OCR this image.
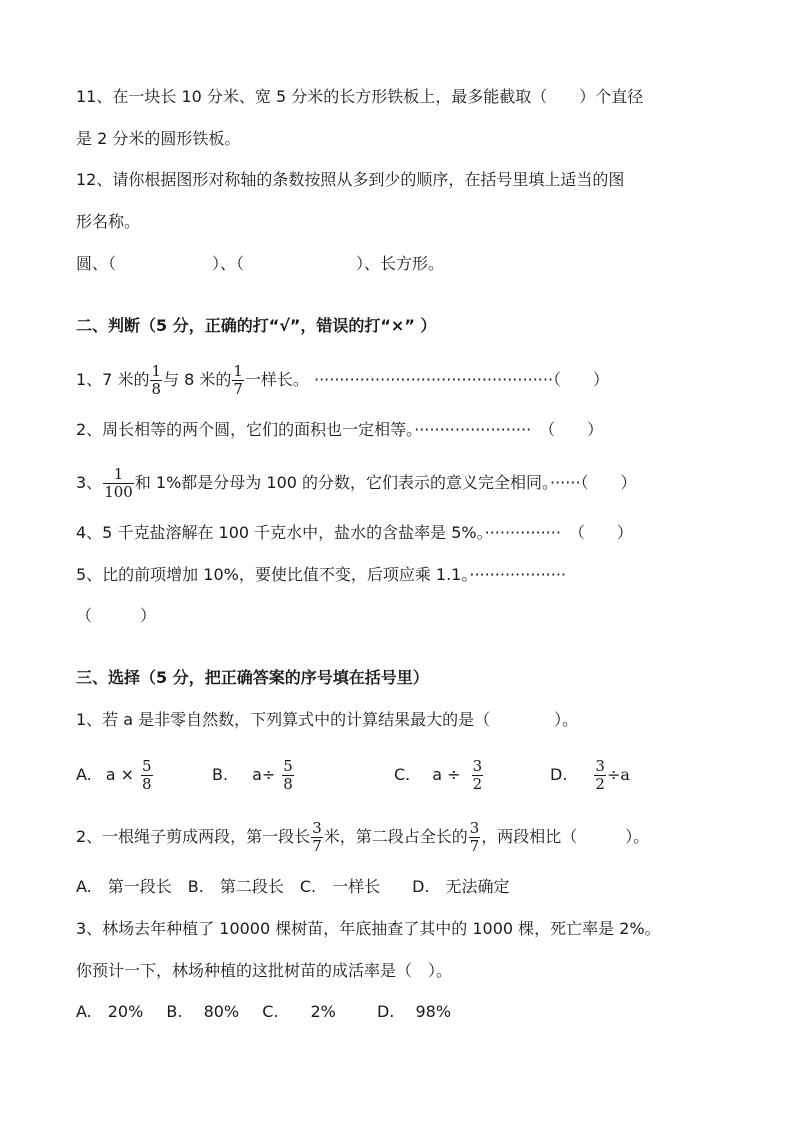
11、在一块长 10 分米、宽 5 分米的长方形铁板上，最多能截取（　　）个直径
是 2 分米的圆形铁板。
12、请你根据图形对称轴的条数按照从多到少的顺序，在括号里填上适当的图
形名称。
圆、（　　　　　　）、（　　　　　　　）、长方形。
二、判断（5 分，正确的打“√”，错误的打“×” ）
1、7 米的 $\frac{1}{8}$ 与 8 米的 $\frac{1}{7}$ 一样长。 ···············································（　　）
2、周长相等的两个圆，它们的面积也一定相等。·······················　（　　）
3、 $\frac{1}{100}$ 和 1%都是分母为 100 的分数，它们表示的意义完全相同。······（　　）
4、5 千克盐溶解在 100 千克水中，盐水的含盐率是 5%。···············　（　　）
5、比的前项增加 10%，要使比值不变，后项应乘 1.1。···················
（　　　）
三、选择（5 分，把正确答案的序号填在括号里）
1、若 a 是非零自然数，下列算式中的计算结果最大的是（　　　　）。
A. $a \times \frac{5}{8}$	B. $a\div \frac{5}{8}$	C. $a \div \frac{3}{2}$	D. $\frac{3}{2} \div a$
2、一根绳子剪成两段，第一段长 $\frac{3}{7}$ 米，第二段占全长的 $\frac{3}{7}$ ，两段相比（　　　）。
A.　第一段长　B.　第二段长　C.　一样长　　D.　无法确定
3、林场去年种植了 10000 棵树苗，年底抽查了其中的 1000 棵，死亡率是 2%。
你预计一下，林场种植的这批树苗的成活率是（　）。
A.　20% B.　 80% C.　　2%	D.　 98%
